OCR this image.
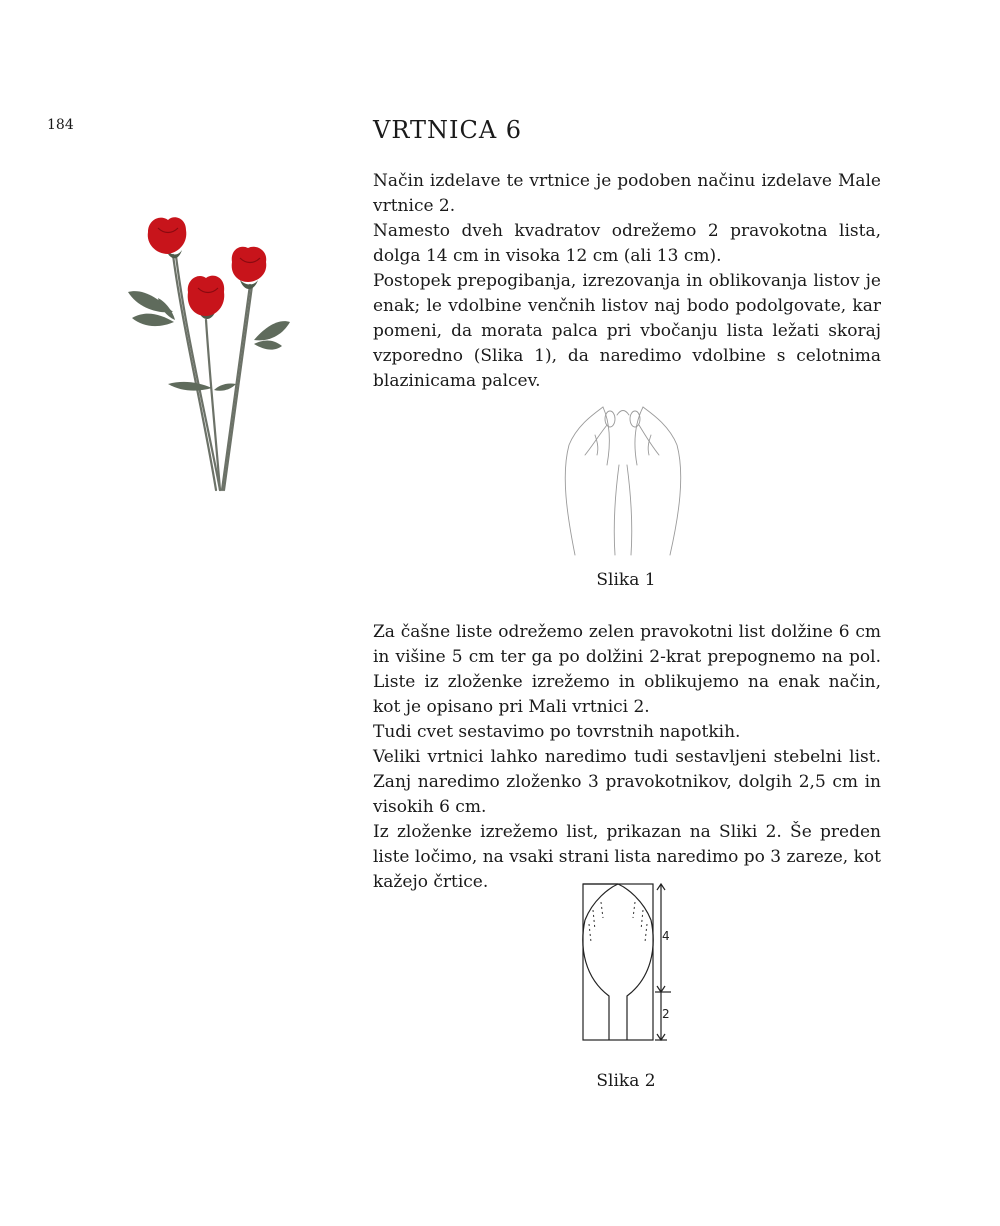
184	VRTNICA 6

Način izdelave te vrtnice je podoben načinu izdelave Male vrtnice 2.

Namesto dveh kvadratov odrežemo 2 pravokotna lista, dolga 14 cm in visoka 12 cm (ali 13 cm).

Postopek prepogibanja, izrezovanja in oblikovanja listov je enak; le vdolbine venčnih listov naj bodo podolgovate, kar pomeni, da morata palca pri vbočanju lista ležati skoraj vzporedno (Slika 1), da naredimo vdolbine s celotnima blazinicama palcev.

Slika 1

Za čašne liste odrežemo zelen pravokotni list dolžine 6 cm in višine 5 cm ter ga po dolžini 2-krat prepognemo na pol. Liste iz zloženke izrežemo in oblikujemo na enak način, kot je opisano pri Mali vrtnici 2.

Tudi cvet sestavimo po tovrstnih napotkih.

Veliki vrtnici lahko naredimo tudi sestavljeni stebelni list. Zanj naredimo zloženko 3 pravokotnikov, dolgih 2,5 cm in visokih 6 cm.

Iz zloženke izrežemo list, prikazan na Sliki 2. Še preden liste ločimo, na vsaki strani lista naredimo po 3 zareze, kot kažejo črtice.

4
2
Slika 2
